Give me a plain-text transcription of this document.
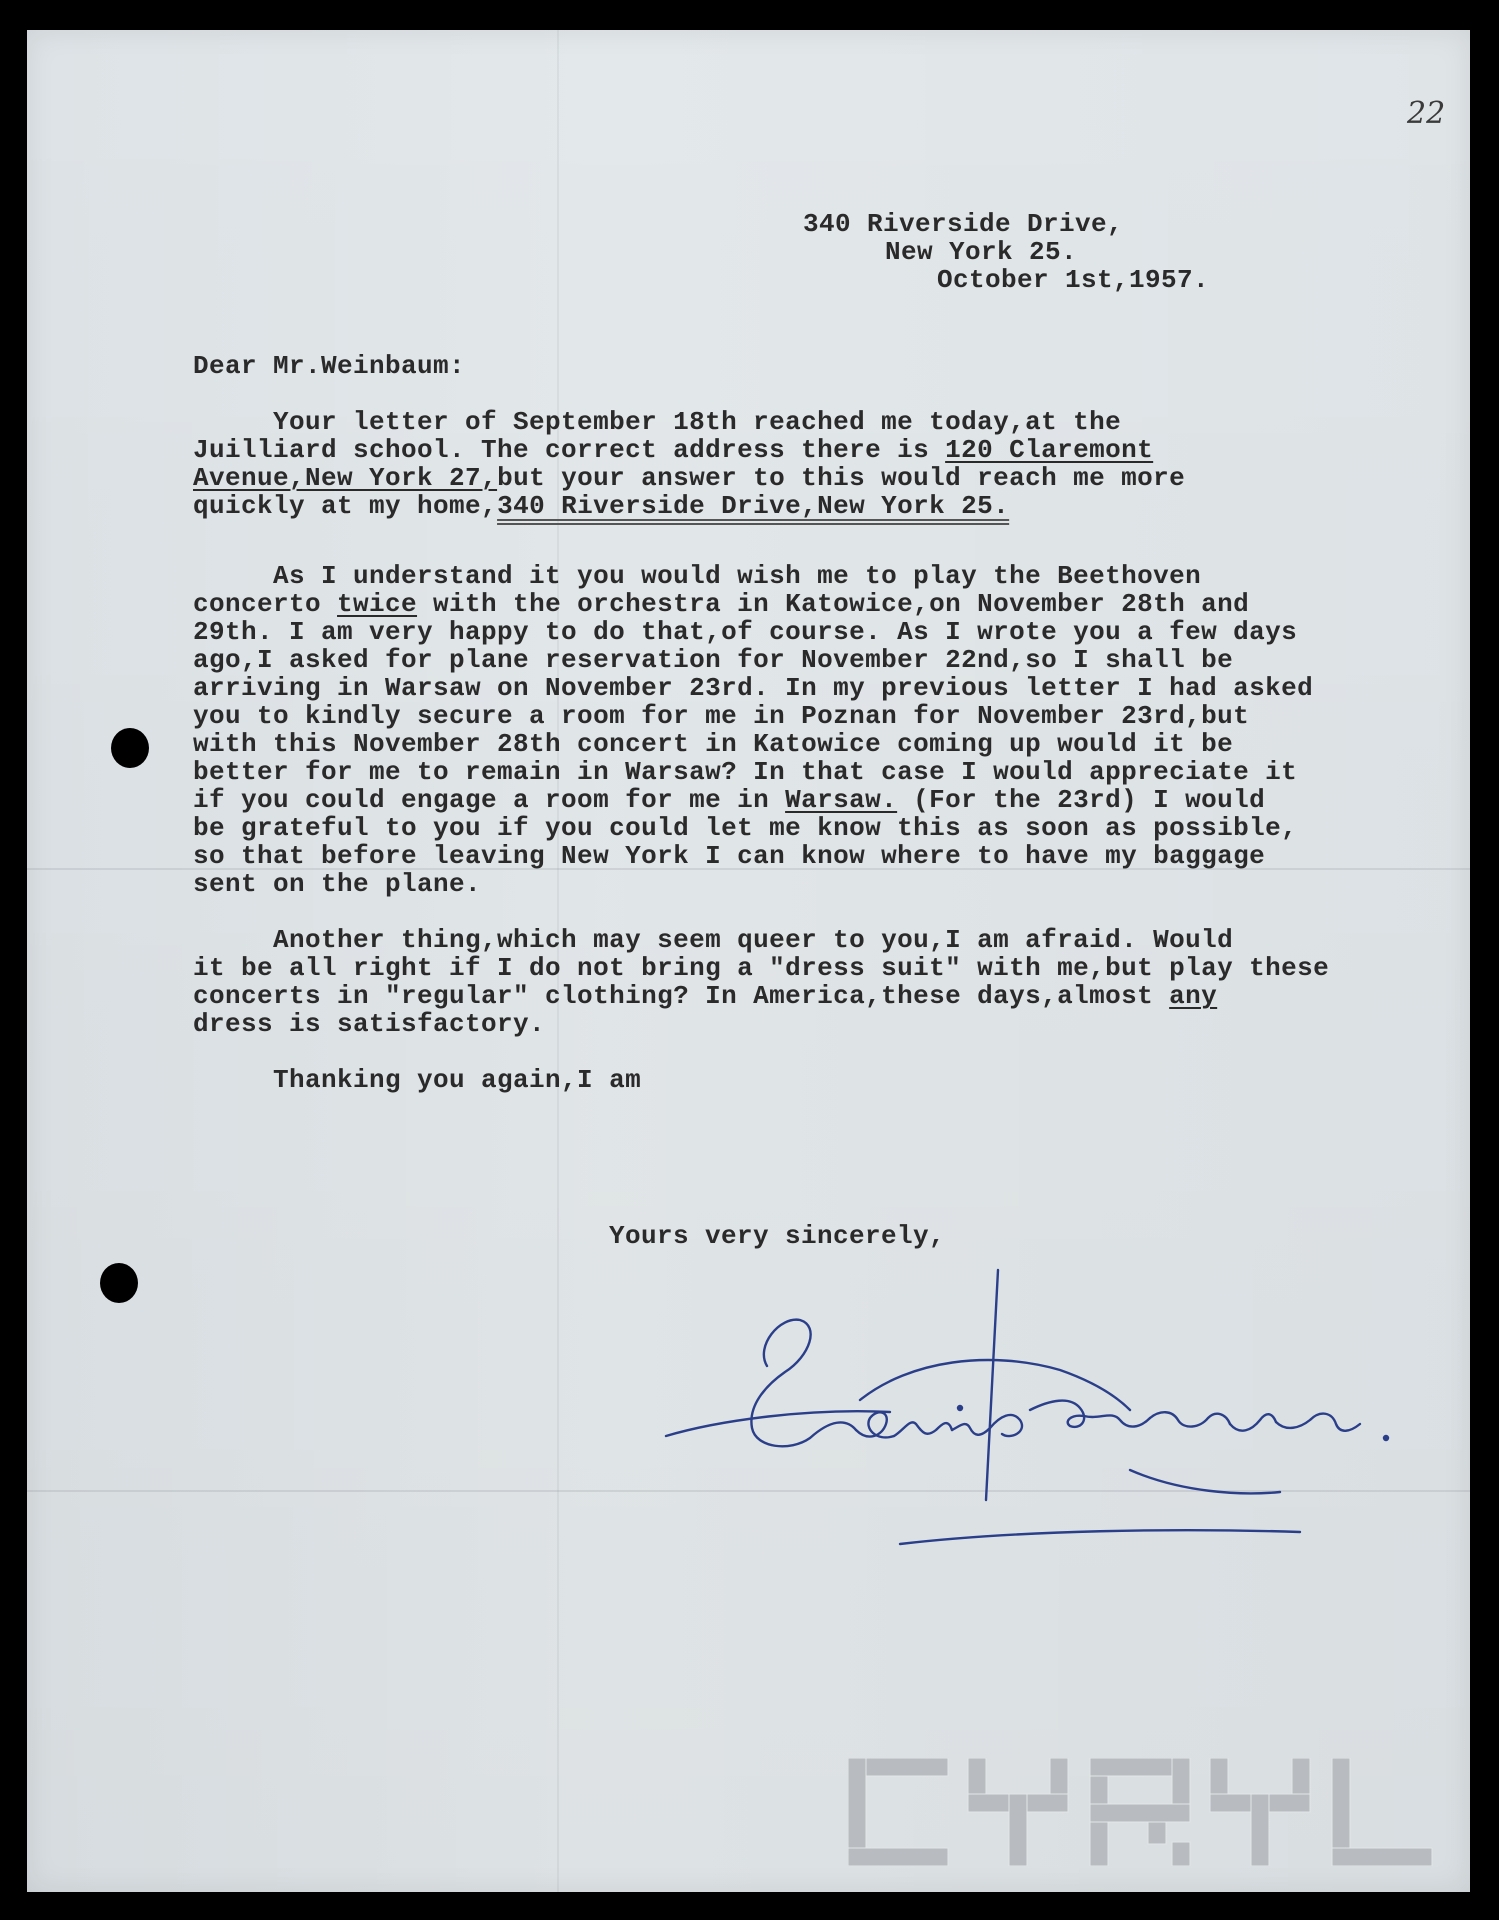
22
340 Riverside Drive,
New York 25.
October 1st,1957.
Dear Mr.Weinbaum:
Your letter of September 18th reached me today,at the
Juilliard school. The correct address there is 120 Claremont
Avenue,New York 27,but your answer to this would reach me more
quickly at my home,340 Riverside Drive,New York 25.
As I understand it you would wish me to play the Beethoven
concerto twice with the orchestra in Katowice,on November 28th and
29th. I am very happy to do that,of course. As I wrote you a few days
ago,I asked for plane reservation for November 22nd,so I shall be
arriving in Warsaw on November 23rd. In my previous letter I had asked
you to kindly secure a room for me in Poznan for November 23rd,but
with this November 28th concert in Katowice coming up would it be
better for me to remain in Warsaw? In that case I would appreciate it
if you could engage a room for me in Warsaw. (For the 23rd) I would
be grateful to you if you could let me know this as soon as possible,
so that before leaving New York I can know where to have my baggage
sent on the plane.
Another thing,which may seem queer to you,I am afraid. Would
it be all right if I do not bring a "dress suit" with me,but play these
concerts in "regular" clothing? In America,these days,almost any
dress is satisfactory.
Thanking you again,I am
Yours very sincerely,
